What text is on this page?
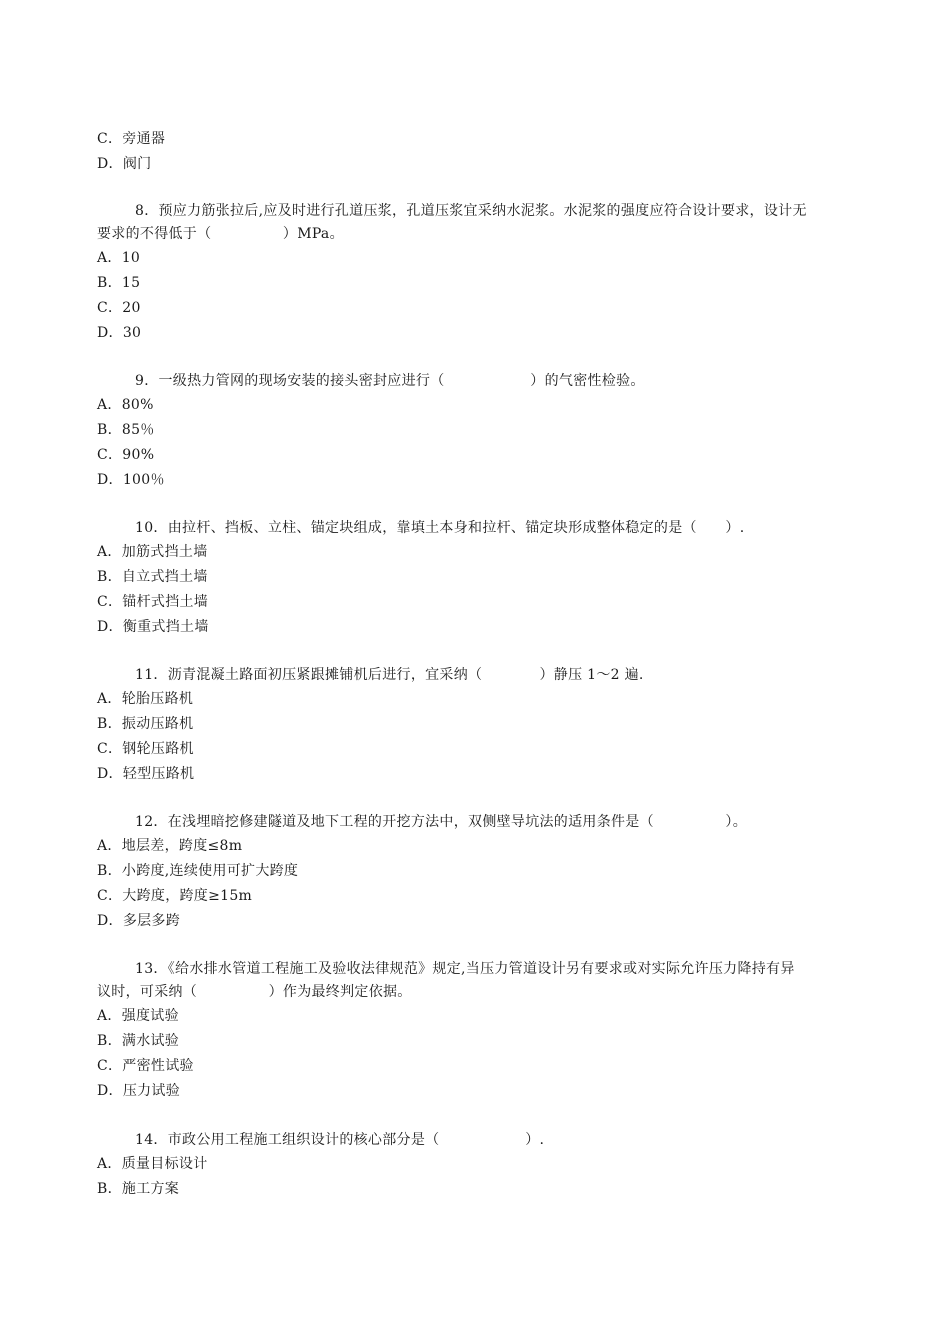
C．旁通器
D．阀门
8．预应力筋张拉后,应及时进行孔道压浆，孔道压浆宜采纳水泥浆。水泥浆的强度应符合设计要求，设计无
要求的不得低于（　　　　　）MPa。
A．10
B．15
C．20
D．30
9．一级热力管网的现场安装的接头密封应进行（　　　　　　）的气密性检验。
A．80%
B．85％
C．90%
D．100％
10．由拉杆、挡板、立柱、锚定块组成，靠填土本身和拉杆、锚定块形成整体稳定的是（　　）.
A．加筋式挡土墙
B．自立式挡土墙
C．锚杆式挡土墙
D．衡重式挡土墙
11．沥青混凝土路面初压紧跟摊铺机后进行，宜采纳（　　　　）静压 1～2 遍.
A．轮胎压路机
B．振动压路机
C．钢轮压路机
D．轻型压路机
12．在浅埋暗挖修建隧道及地下工程的开挖方法中，双侧壁导坑法的适用条件是（　　　　　）。
A．地层差，跨度≤8m
B．小跨度,连续使用可扩大跨度
C．大跨度，跨度≥15m
D．多层多跨
13．《给水排水管道工程施工及验收法律规范》规定,当压力管道设计另有要求或对实际允许压力降持有异
议时，可采纳（　　　　　）作为最终判定依据。
A．强度试验
B．满水试验
C．严密性试验
D．压力试验
14．市政公用工程施工组织设计的核心部分是（　　　　　　）.
A．质量目标设计
B．施工方案
